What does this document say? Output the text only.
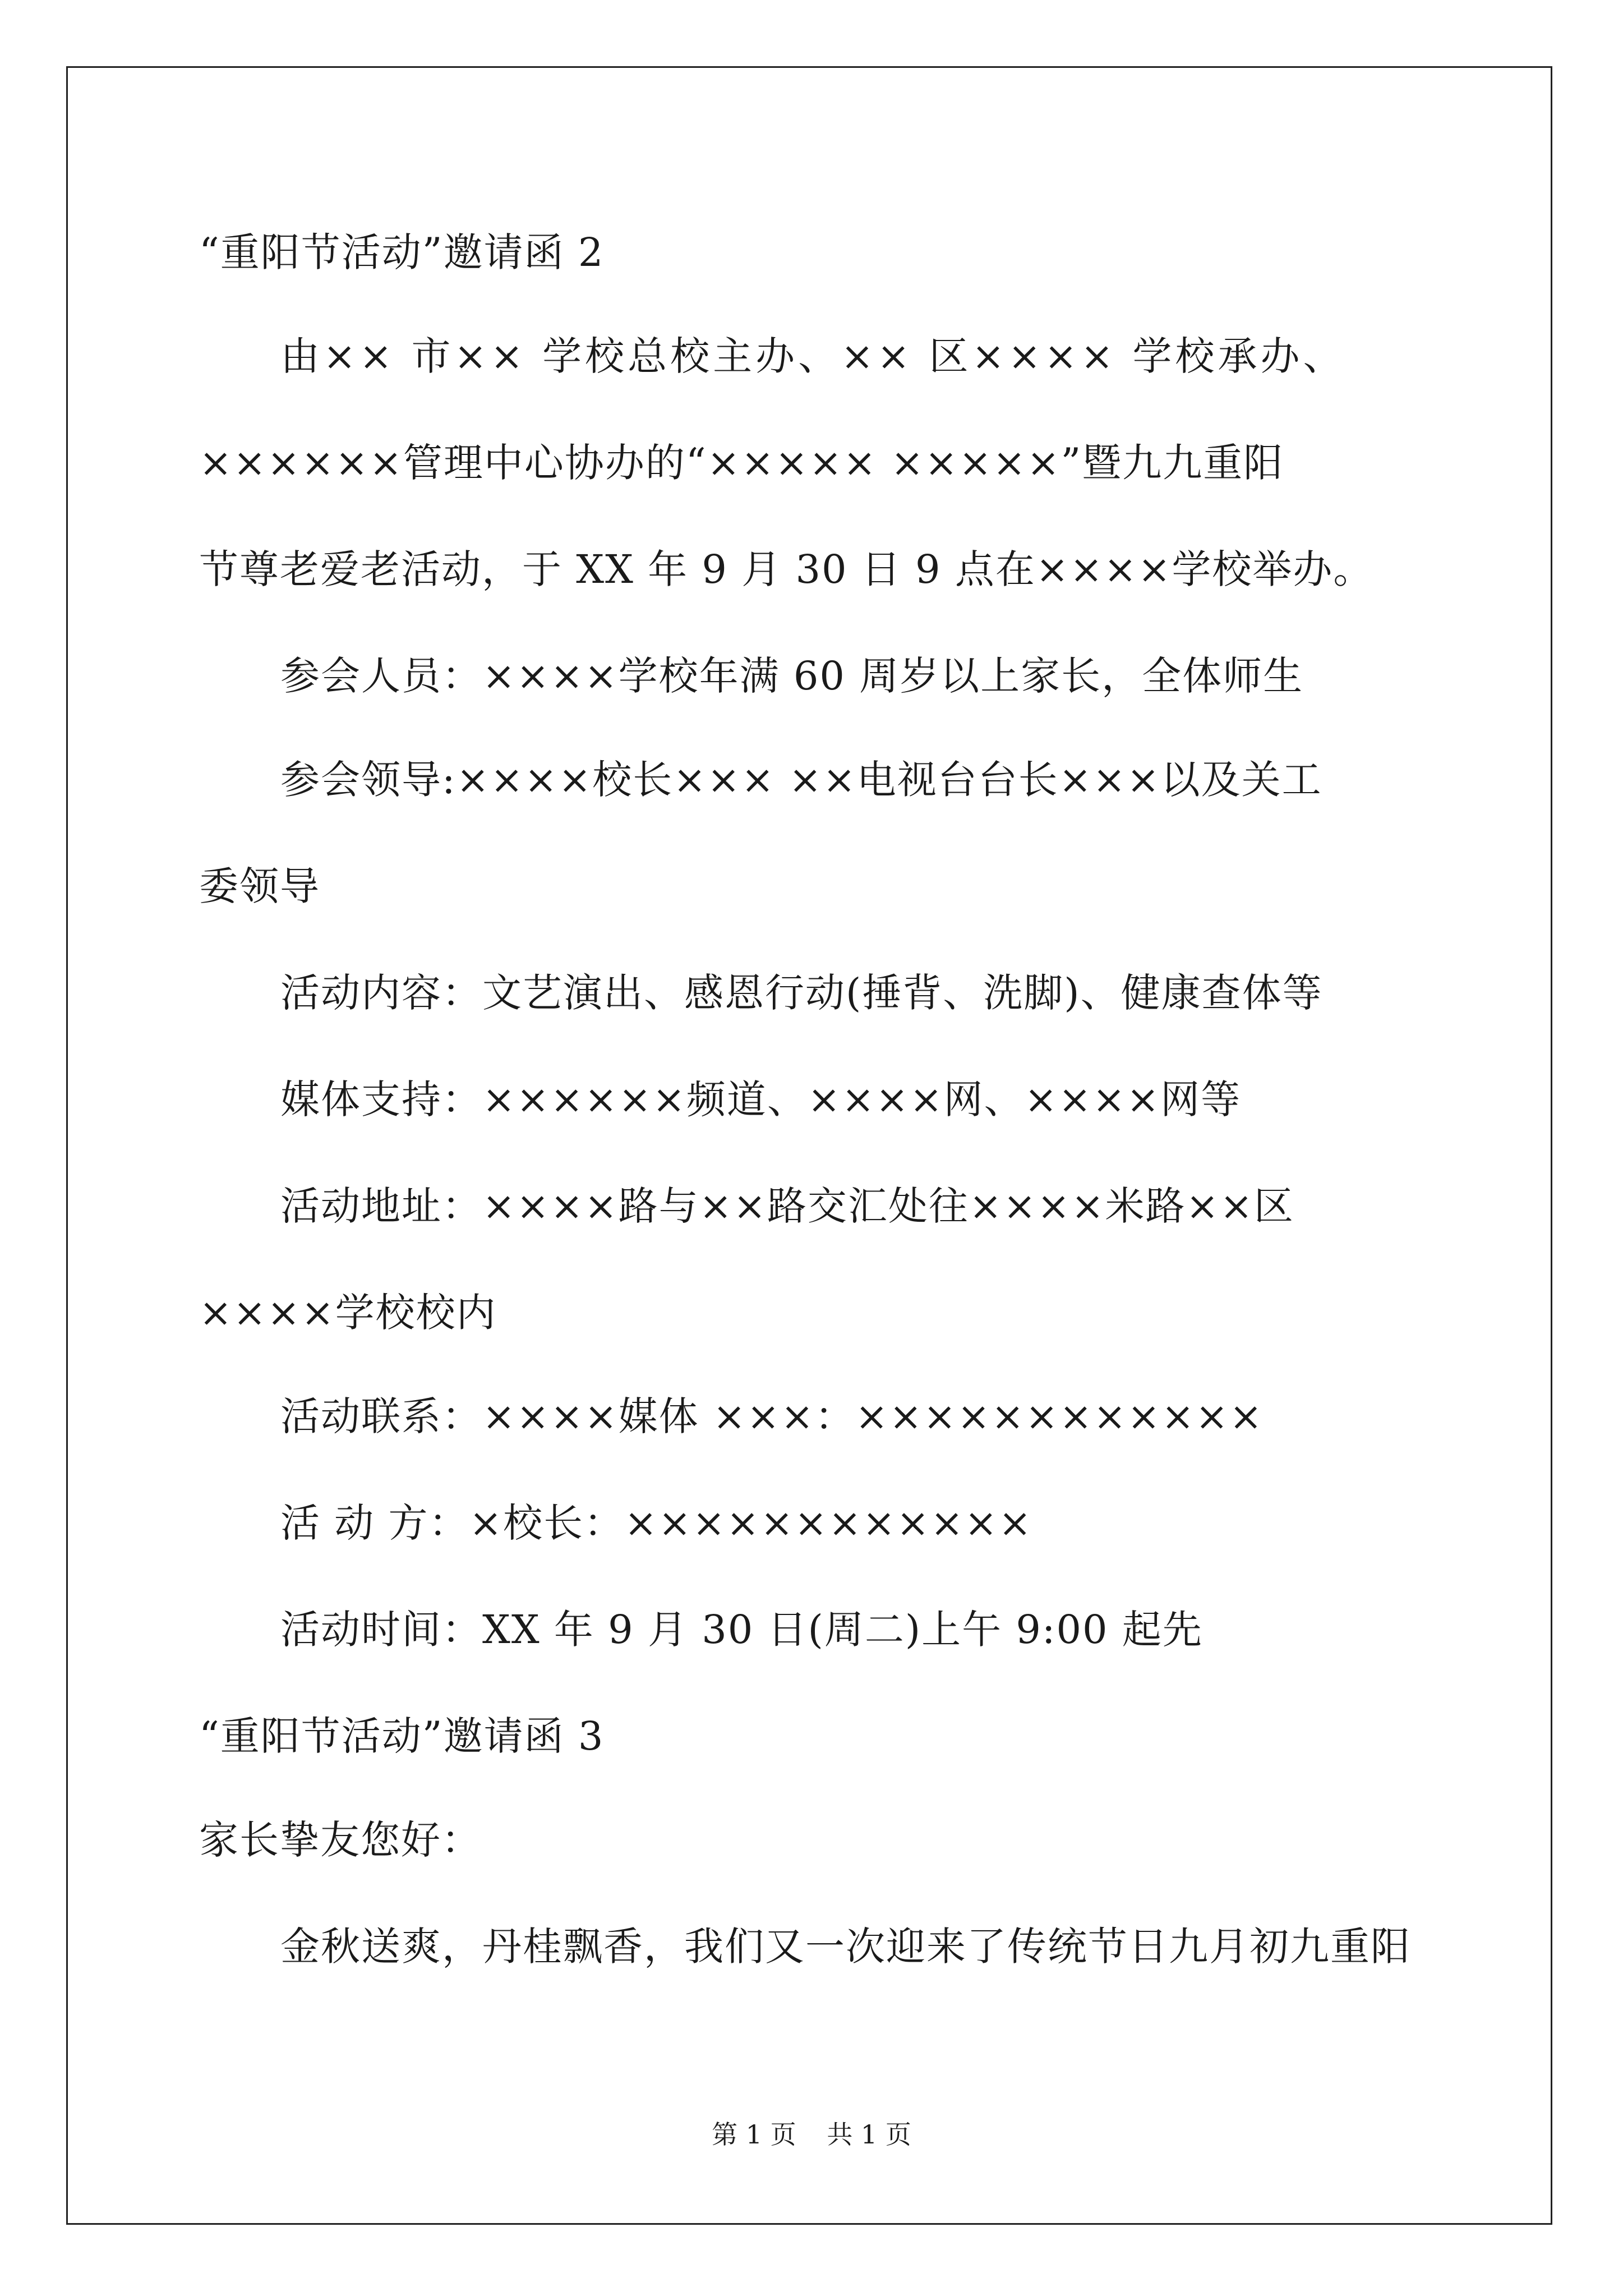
“重阳节活动”邀请函 2
由×× 市×× 学校总校主办、×× 区×××× 学校承办、
××××××管理中心协办的“××××× ×××××”暨九九重阳
节尊老爱老活动，于 XX 年 9 月 30 日 9 点在××××学校举办。
参会人员：××××学校年满 60 周岁以上家长，全体师生
参会领导:××××校长××× ××电视台台长×××以及关工
委领导
活动内容：文艺演出、感恩行动(捶背、洗脚)、健康查体等
媒体支持：××××××频道、××××网、××××网等
活动地址：××××路与××路交汇处往××××米路××区
××××学校校内
活动联系：××××媒体 ×××：××××××××××××
活 动 方：×校长：××××××××××××
活动时间：XX 年 9 月 30 日(周二)上午 9:00 起先
“重阳节活动”邀请函 3
家长挚友您好：
金秋送爽，丹桂飘香，我们又一次迎来了传统节日九月初九重阳
第 1 页 共 1 页
